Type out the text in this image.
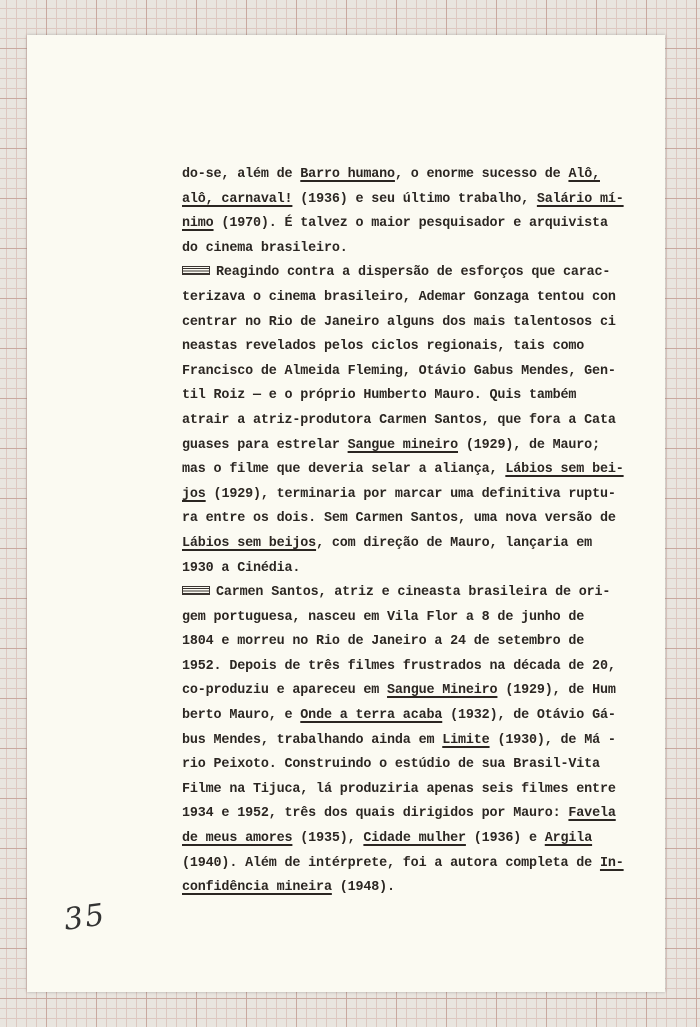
do-se, além de Barro humano, o enorme sucesso de Alô,
alô, carnaval! (1936) e seu último trabalho, Salário mí-
nimo (1970). É talvez o maior pesquisador e arquivista
do cinema brasileiro.
Reagindo contra a dispersão de esforços que carac-
terizava o cinema brasileiro, Ademar Gonzaga tentou con
centrar no Rio de Janeiro alguns dos mais talentosos ci
neastas revelados pelos ciclos regionais, tais como
Francisco de Almeida Fleming, Otávio Gabus Mendes, Gen-
til Roiz — e o próprio Humberto Mauro. Quis também
atrair a atriz-produtora Carmen Santos, que fora a Cata
guases para estrelar Sangue mineiro (1929), de Mauro;
mas o filme que deveria selar a aliança, Lábios sem bei-
jos (1929), terminaria por marcar uma definitiva ruptu-
ra entre os dois. Sem Carmen Santos, uma nova versão de
Lábios sem beijos, com direção de Mauro, lançaria em
1930 a Cinédia.
Carmen Santos, atriz e cineasta brasileira de ori-
gem portuguesa, nasceu em Vila Flor a 8 de junho de
1804 e morreu no Rio de Janeiro a 24 de setembro de
1952. Depois de três filmes frustrados na década de 20,
co-produziu e apareceu em Sangue Mineiro (1929), de Hum
berto Mauro, e Onde a terra acaba (1932), de Otávio Gá-
bus Mendes, trabalhando ainda em Limite (1930), de Má -
rio Peixoto. Construindo o estúdio de sua Brasil-Vita
Filme na Tijuca, lá produziria apenas seis filmes entre
1934 e 1952, três dos quais dirigidos por Mauro: Favela
de meus amores (1935), Cidade mulher (1936) e Argila
(1940). Além de intérprete, foi a autora completa de In-
confidência mineira (1948).
35
